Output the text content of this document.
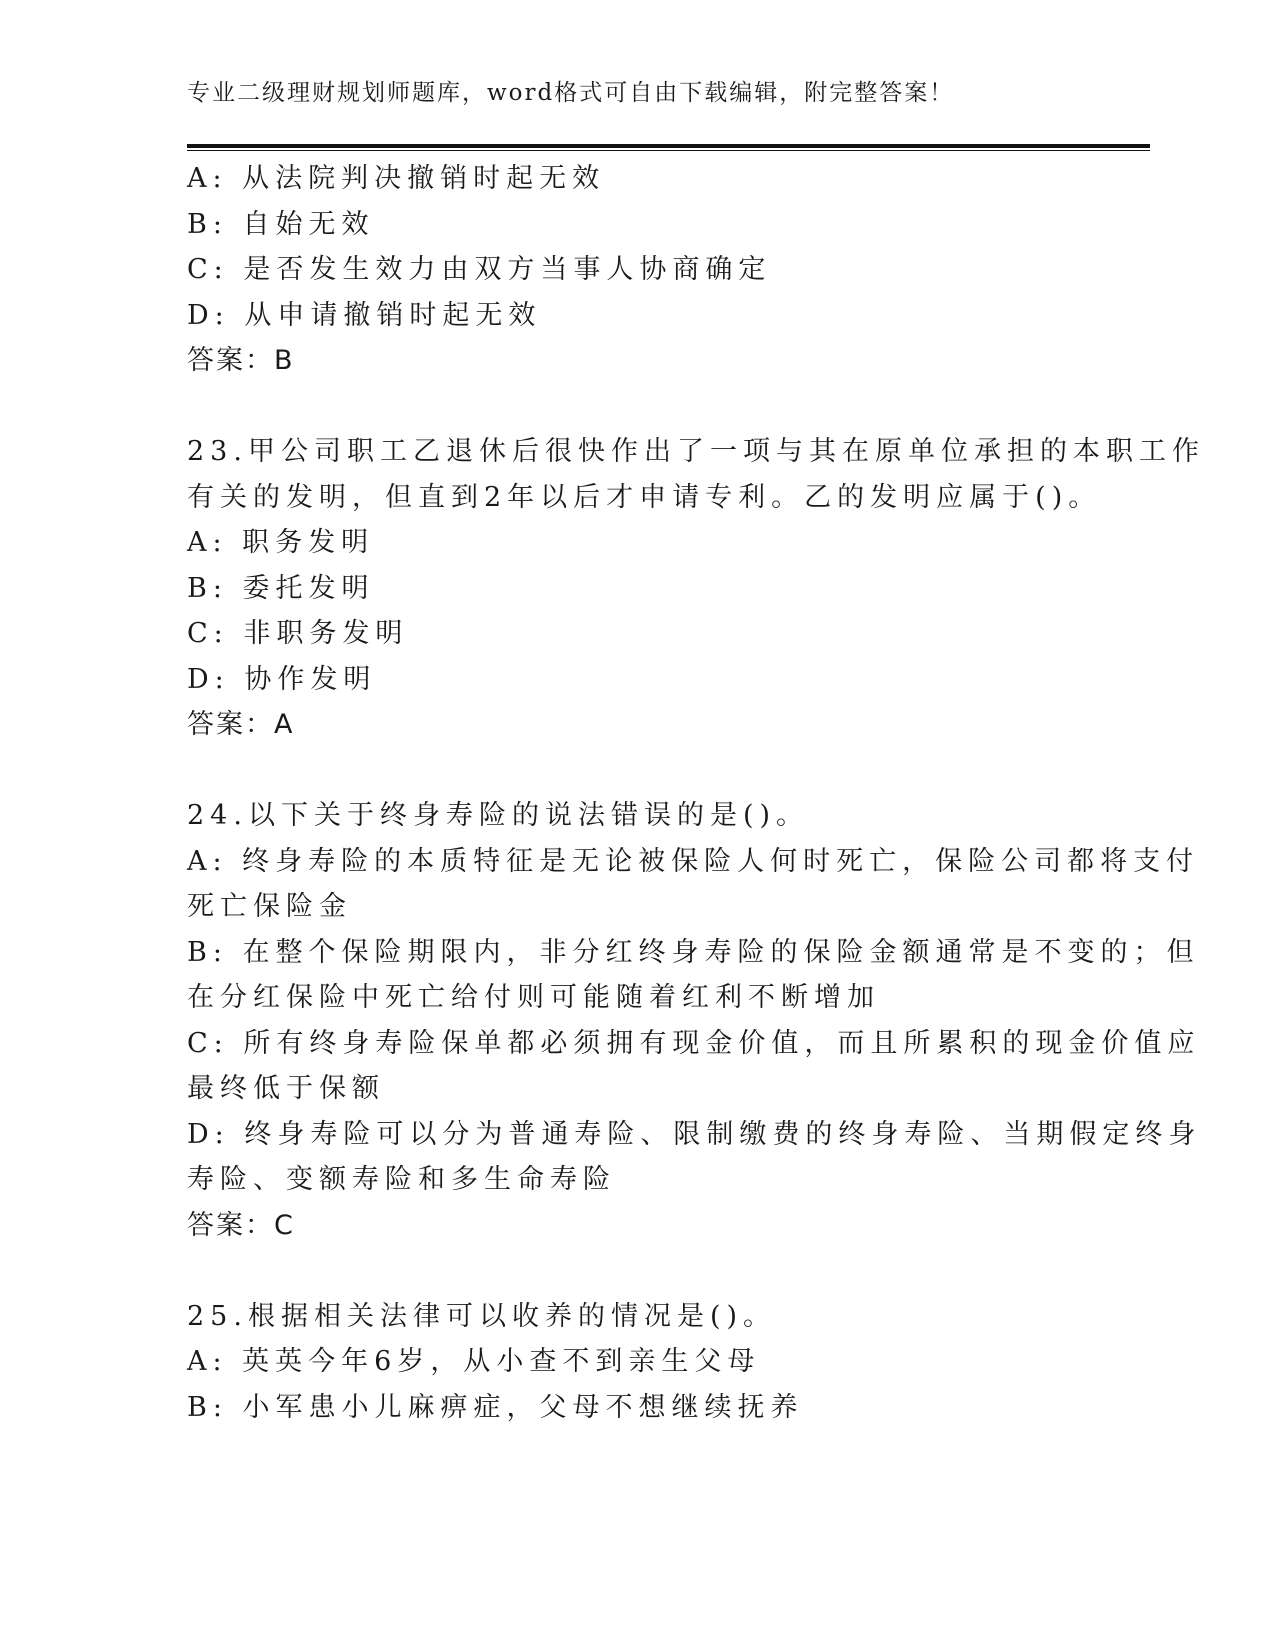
专业二级理财规划师题库，word格式可自由下载编辑，附完整答案！
A: 从法院判决撤销时起无效
B: 自始无效
C: 是否发生效力由双方当事人协商确定
D: 从申请撤销时起无效
答案：B
23.甲公司职工乙退休后很快作出了一项与其在原单位承担的本职工作
有关的发明，但直到2年以后才申请专利。乙的发明应属于()。
A: 职务发明
B: 委托发明
C: 非职务发明
D: 协作发明
答案：A
24.以下关于终身寿险的说法错误的是()。
A: 终身寿险的本质特征是无论被保险人何时死亡，保险公司都将支付
死亡保险金
B: 在整个保险期限内，非分红终身寿险的保险金额通常是不变的；但
在分红保险中死亡给付则可能随着红利不断增加
C: 所有终身寿险保单都必须拥有现金价值，而且所累积的现金价值应
最终低于保额
D: 终身寿险可以分为普通寿险、限制缴费的终身寿险、当期假定终身
寿险、变额寿险和多生命寿险
答案：C
25.根据相关法律可以收养的情况是()。
A: 英英今年6岁，从小查不到亲生父母
B: 小军患小儿麻痹症，父母不想继续抚养
